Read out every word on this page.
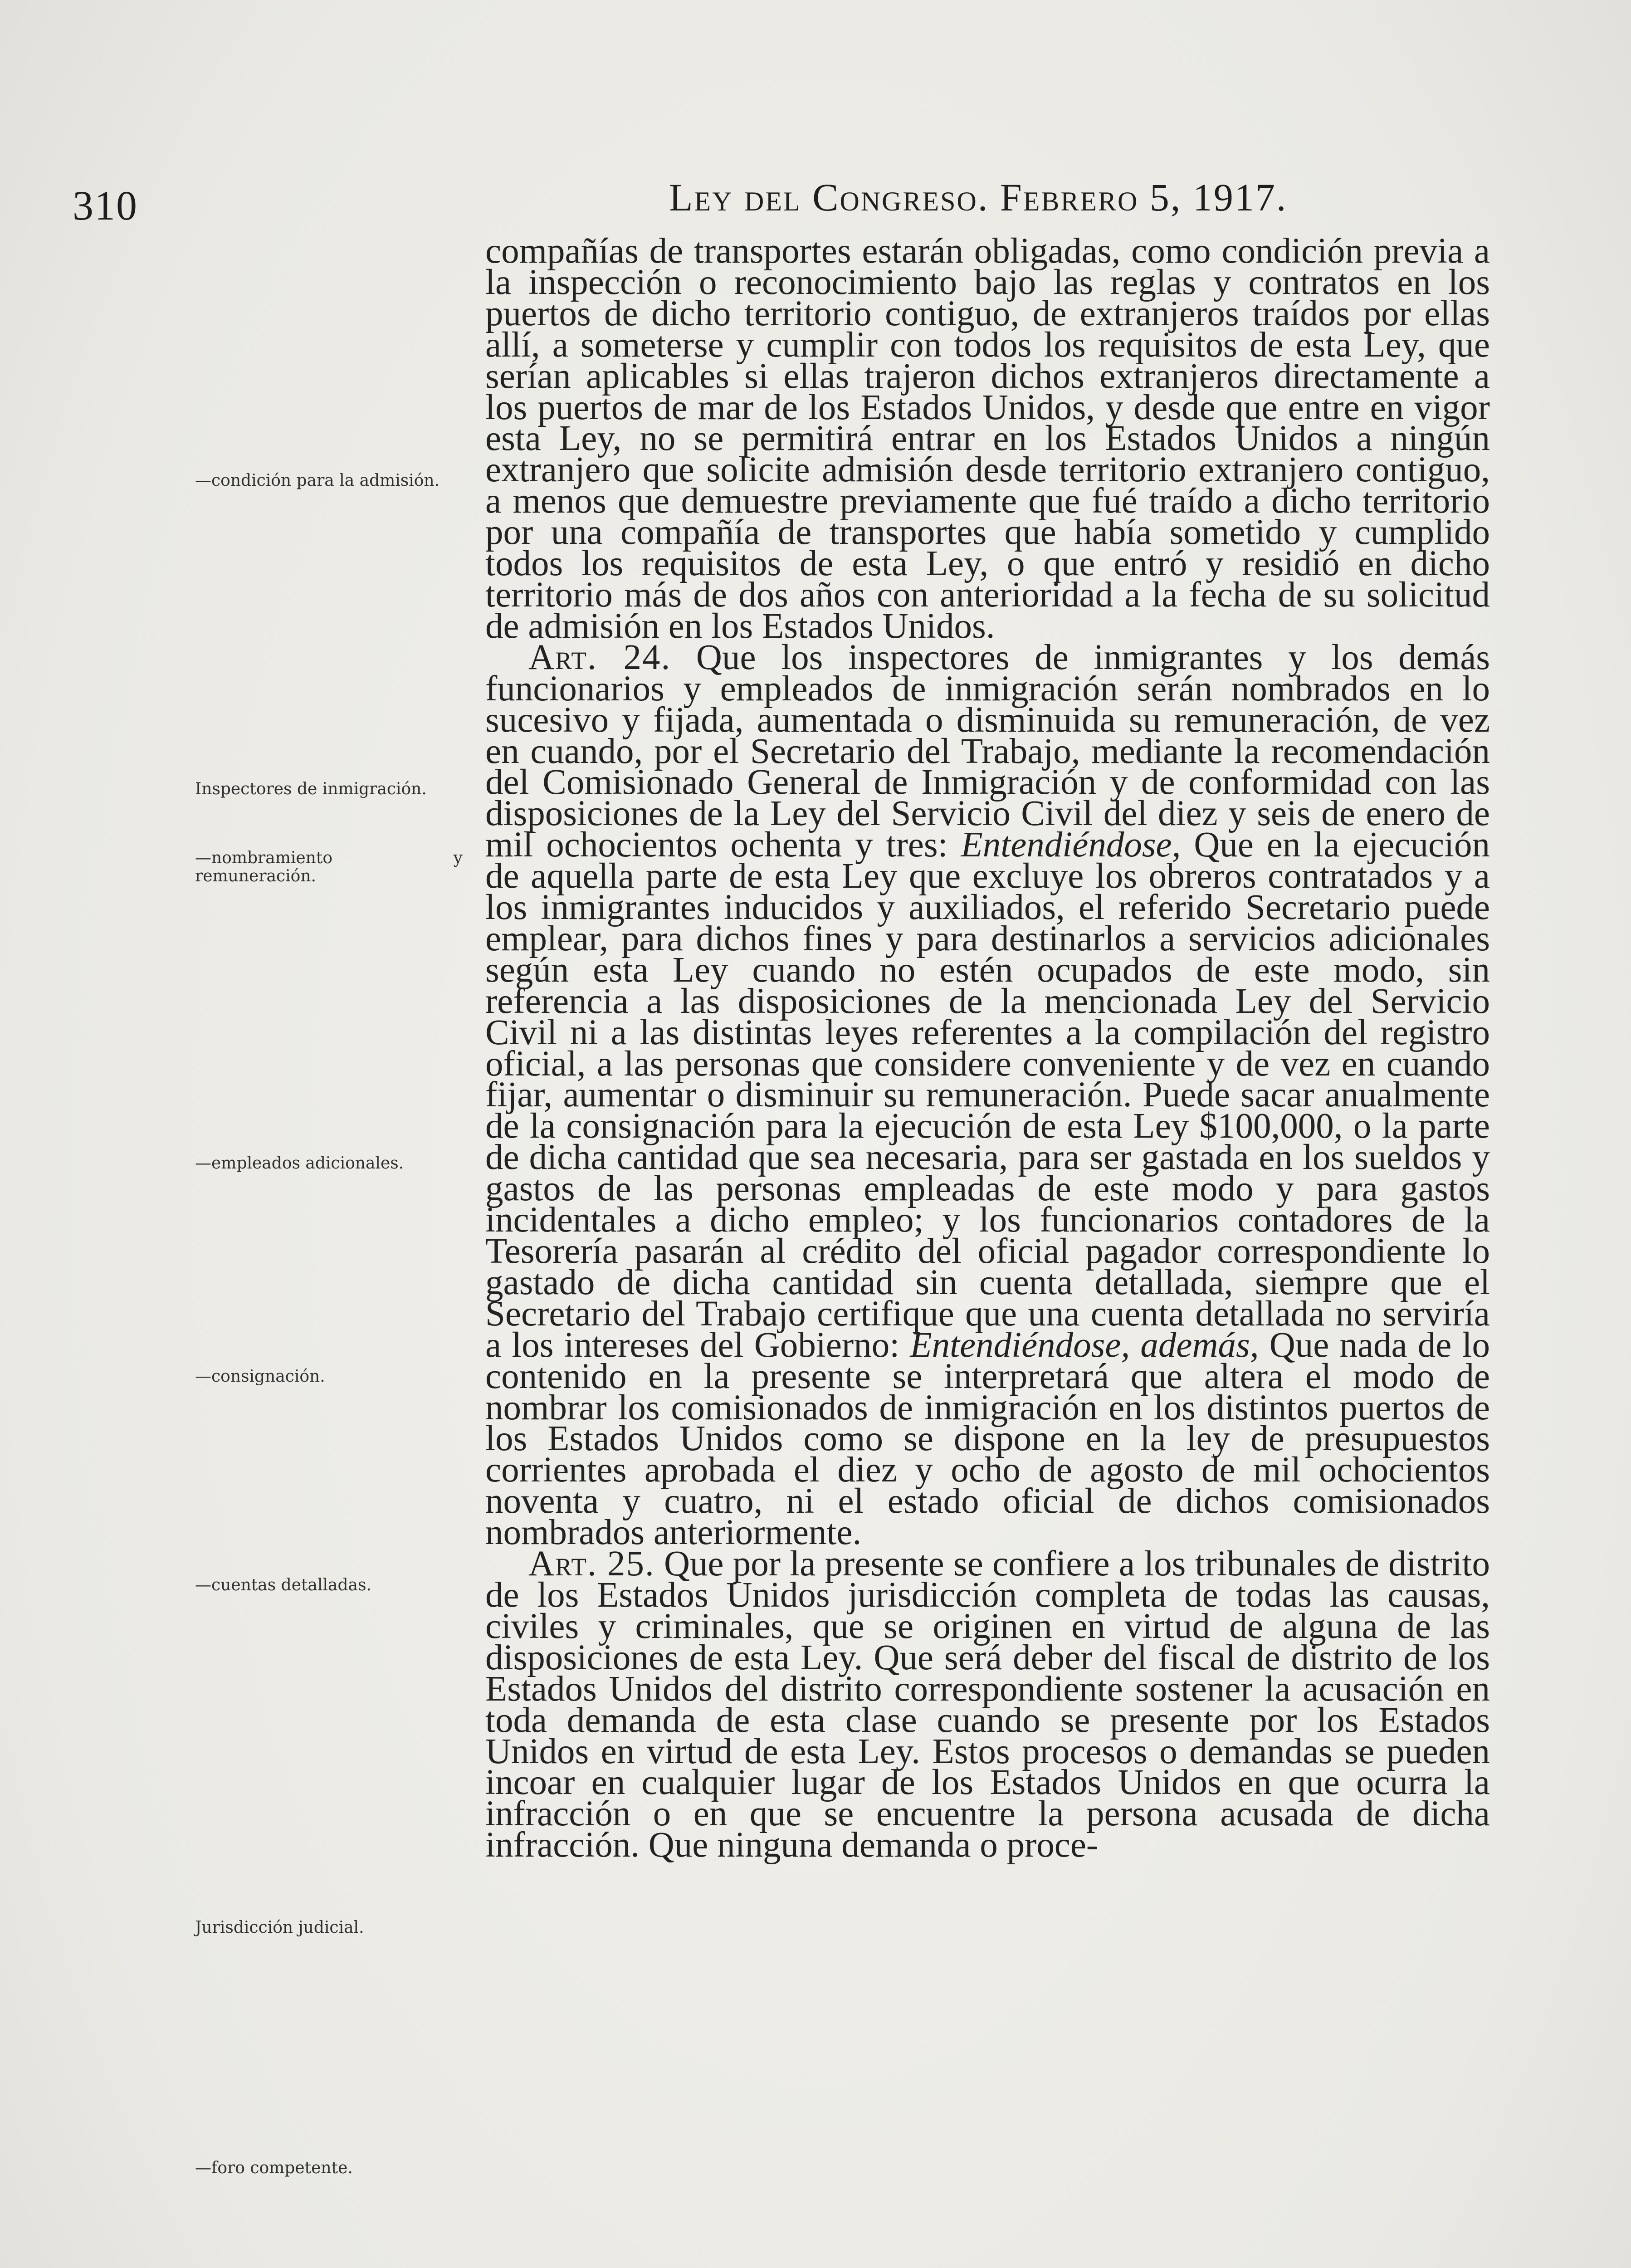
310	Ley del Congreso. Febrero 5, 1917.
—condición para la admisión.
Inspectores de inmigración.
—nombramiento y remuneración.
—empleados adicionales.
—consignación.
—cuentas detalladas.
Jurisdicción judicial.
—foro competente.

compañías de transportes estarán obligadas, como condición previa a la inspección o reconocimiento bajo las reglas y contratos en los puertos de dicho territorio contiguo, de extranjeros traídos por ellas allí, a someterse y cumplir con todos los requisitos de esta Ley, que serían aplicables si ellas trajeron dichos extranjeros directamente a los puertos de mar de los Estados Unidos, y desde que entre en vigor esta Ley, no se permitirá entrar en los Estados Unidos a ningún extranjero que solicite admisión desde territorio extranjero contiguo, a menos que demuestre previamente que fué traído a dicho territorio por una compañía de transportes que había sometido y cumplido todos los requisitos de esta Ley, o que entró y residió en dicho territorio más de dos años con anterioridad a la fecha de su solicitud de admisión en los Estados Unidos.

Art. 24. Que los inspectores de inmigrantes y los demás funcionarios y empleados de inmigración serán nombrados en lo sucesivo y fijada, aumentada o disminuida su remuneración, de vez en cuando, por el Secretario del Trabajo, mediante la recomendación del Comisionado General de Inmigración y de conformidad con las disposiciones de la Ley del Servicio Civil del diez y seis de enero de mil ochocientos ochenta y tres: Entendiéndose, Que en la ejecución de aquella parte de esta Ley que excluye los obreros contratados y a los inmigrantes inducidos y auxiliados, el referido Secretario puede emplear, para dichos fines y para destinarlos a servicios adicionales según esta Ley cuando no estén ocupados de este modo, sin referencia a las disposiciones de la mencionada Ley del Servicio Civil ni a las distintas leyes referentes a la compilación del registro oficial, a las personas que considere conveniente y de vez en cuando fijar, aumentar o disminuir su remuneración. Puede sacar anualmente de la consignación para la ejecución de esta Ley $100,000, o la parte de dicha cantidad que sea necesaria, para ser gastada en los sueldos y gastos de las personas empleadas de este modo y para gastos incidentales a dicho empleo; y los funcionarios contadores de la Tesorería pasarán al crédito del oficial pagador correspondiente lo gastado de dicha cantidad sin cuenta detallada, siempre que el Secretario del Trabajo certifique que una cuenta detallada no serviría a los intereses del Gobierno: Entendiéndose, además, Que nada de lo contenido en la presente se interpretará que altera el modo de nombrar los comisionados de inmigración en los distintos puertos de los Estados Unidos como se dispone en la ley de presupuestos corrientes aprobada el diez y ocho de agosto de mil ochocientos noventa y cuatro, ni el estado oficial de dichos comisionados nombrados anteriormente.

Art. 25. Que por la presente se confiere a los tribunales de distrito de los Estados Unidos jurisdicción completa de todas las causas, civiles y criminales, que se originen en virtud de alguna de las disposiciones de esta Ley. Que será deber del fiscal de distrito de los Estados Unidos del distrito correspondiente sostener la acusación en toda demanda de esta clase cuando se presente por los Estados Unidos en virtud de esta Ley. Estos procesos o demandas se pueden incoar en cualquier lugar de los Estados Unidos en que ocurra la infracción o en que se encuentre la persona acusada de dicha infracción. Que ninguna demanda o proce-
